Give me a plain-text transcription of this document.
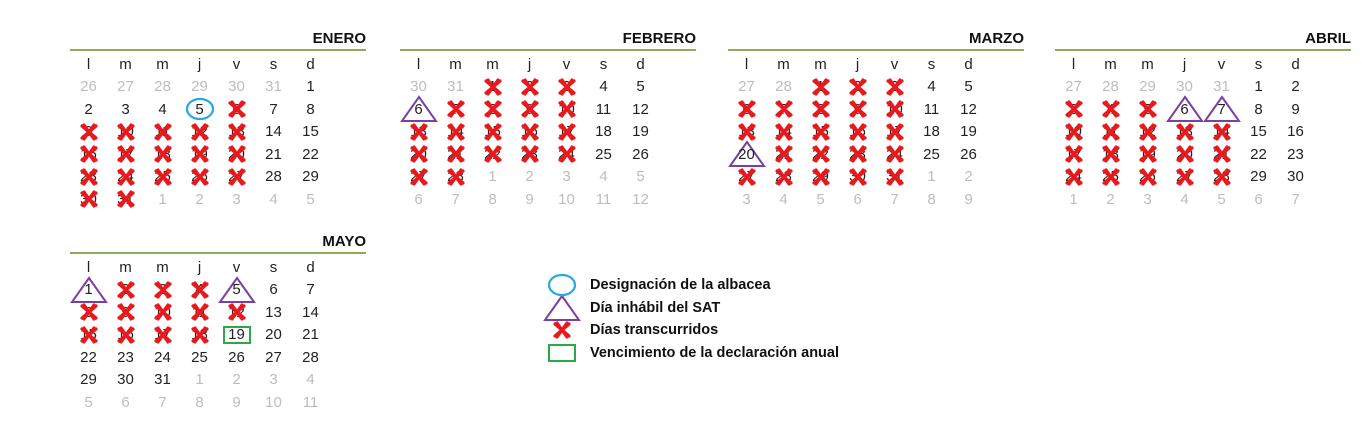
ENERO
l	m	m	j	v	s	d
26 27 28 29 30 31 1
2 3 4 5 6 7 8
9 10 11 12 13 14 15
16 17 18 19 20 21 22
23 24 25 26 27 28 29
30 31 1 2 3 4 5
FEBRERO
l	m	m	j	v	s	d
30 31 1 2 3 4 5
6 7 8 9 10 11 12
13 14 15 16 17 18 19
20 21 22 23 24 25 26
27 28 1 2 3 4 5
6 7 8 9 10 11 12
MARZO
l	m	m	j	v	s	d
27 28 1 2 3 4 5
6 7 8 9 10 11 12
13 14 15 16 17 18 19
20 21 22 23 24 25 26
27 28 29 30 31 1 2
3 4 5 6 7 8 9
ABRIL
l	m	m	j	v	s	d
27 28 29 30 31 1 2
3 4 5 6 7 8 9
10 11 12 13 14 15 16
17 18 19 20 21 22 23
24 25 26 27 28 29 30
1 2 3 4 5 6 7
MAYO
l	m	m	j	v	s	d
1 2 3 4 5 6 7
8 9 10 11 12 13 14
15 16 17 18 19 20 21
22 23 24 25 26 27 28
29 30 31 1 2 3 4
5 6 7 8 9 10 11
Designación de la albacea
Día inhábil del SAT
Días transcurridos
Vencimiento de la declaración anual
